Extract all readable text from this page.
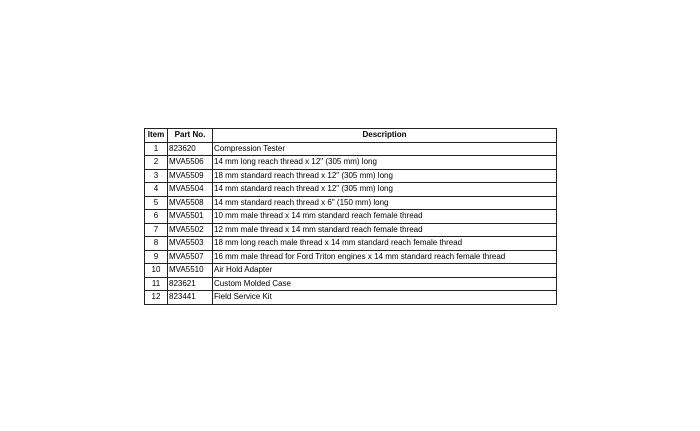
Item	Part No.	Description
1	823620	Compression Tester
2	MVA5506	14 mm long reach thread x 12" (305 mm) long
3	MVA5509	18 mm standard reach thread x 12" (305 mm) long
4	MVA5504	14 mm standard reach thread x 12" (305 mm) long
5	MVA5508	14 mm standard reach thread x 6" (150 mm) long
6	MVA5501	10 mm male thread x 14 mm standard reach female thread
7	MVA5502	12 mm male thread x 14 mm standard reach female thread
8	MVA5503	18 mm long reach male thread x 14 mm standard reach female thread
9	MVA5507	16 mm male thread for Ford Triton engines x 14 mm standard reach female thread
10	MVA5510	Air Hold Adapter
11	823621	Custom Molded Case
12	823441	Field Service Kit
